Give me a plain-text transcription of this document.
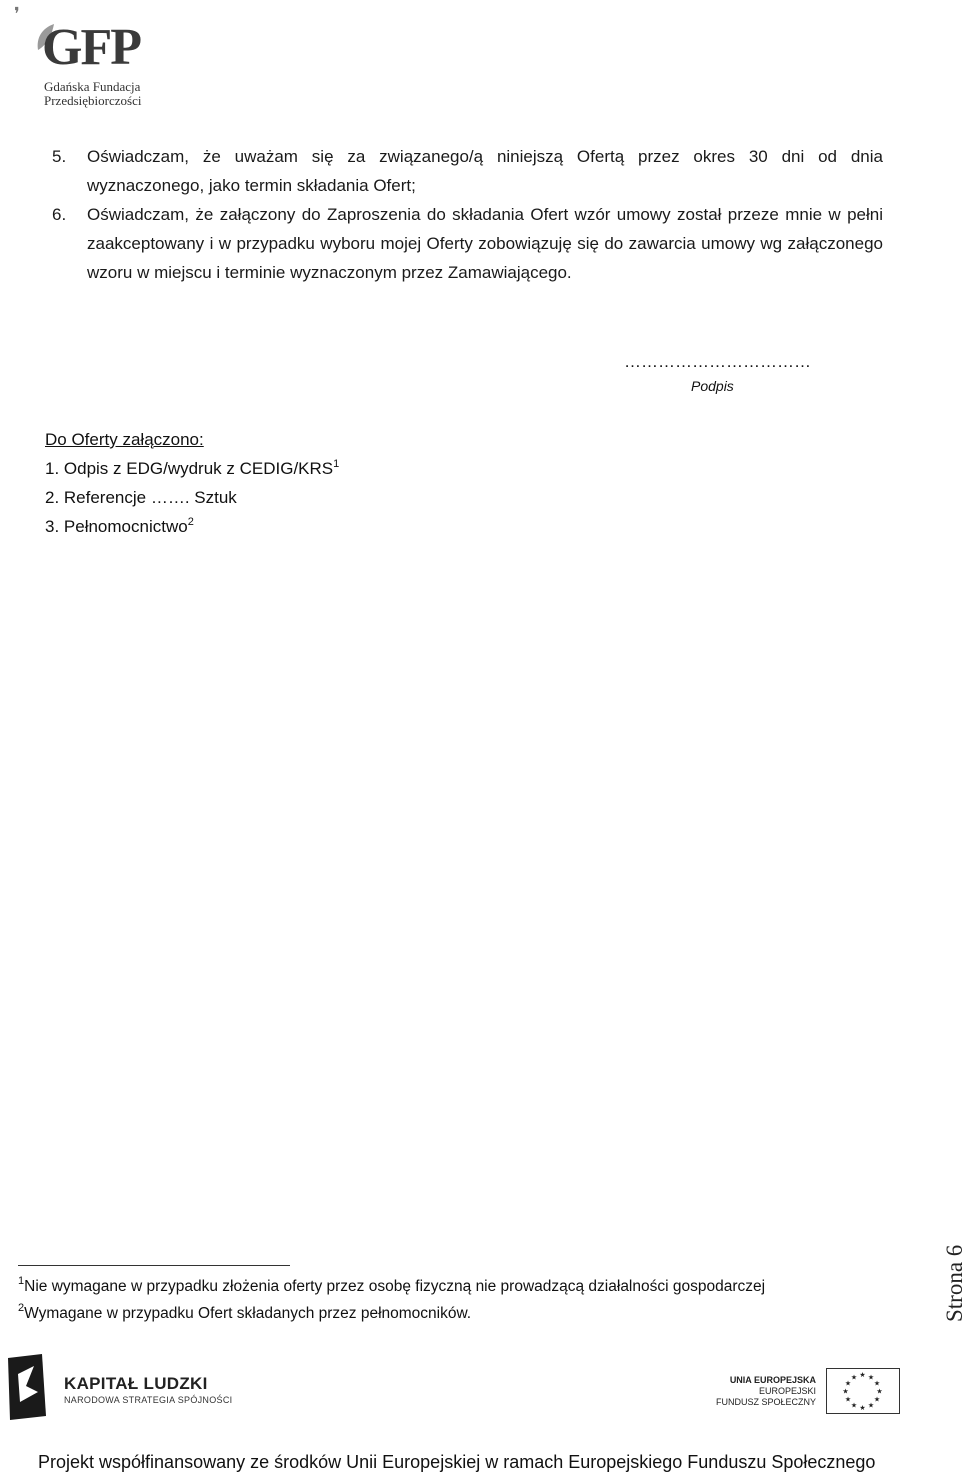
❜
GFP
Gdańska Fundacja
Przedsiębiorczości
5. Oświadczam, że uważam się za związanego/ą niniejszą Ofertą przez okres 30 dni od dnia wyznaczonego, jako termin składania Ofert;
6. Oświadczam, że załączony do Zaproszenia do składania Ofert wzór umowy został przeze mnie w pełni zaakceptowany i w przypadku wyboru mojej Oferty zobowiązuję się do zawarcia umowy wg załączonego wzoru w miejscu i terminie wyznaczonym przez Zamawiającego.
……………………………
Podpis
Do Oferty załączono:
1. Odpis z EDG/wydruk z CEDIG/KRS$^1$
2. Referencje ……. Sztuk
3. Pełnomocnictwo$^2$
$^1$Nie wymagane w przypadku złożenia oferty przez osobę fizyczną nie prowadzącą działalności gospodarczej
$^2$Wymagane w przypadku Ofert składanych przez pełnomocników.	Strona 6
KAPITAŁ LUDZKI
NARODOWA STRATEGIA SPÓJNOŚCI
UNIA EUROPEJSKA
EUROPEJSKI
FUNDUSZ SPOŁECZNY
★ ★
★
★
★
★
★
★
★
★
★
★
Projekt współfinansowany ze środków Unii Europejskiej w ramach Europejskiego Funduszu Społecznego
